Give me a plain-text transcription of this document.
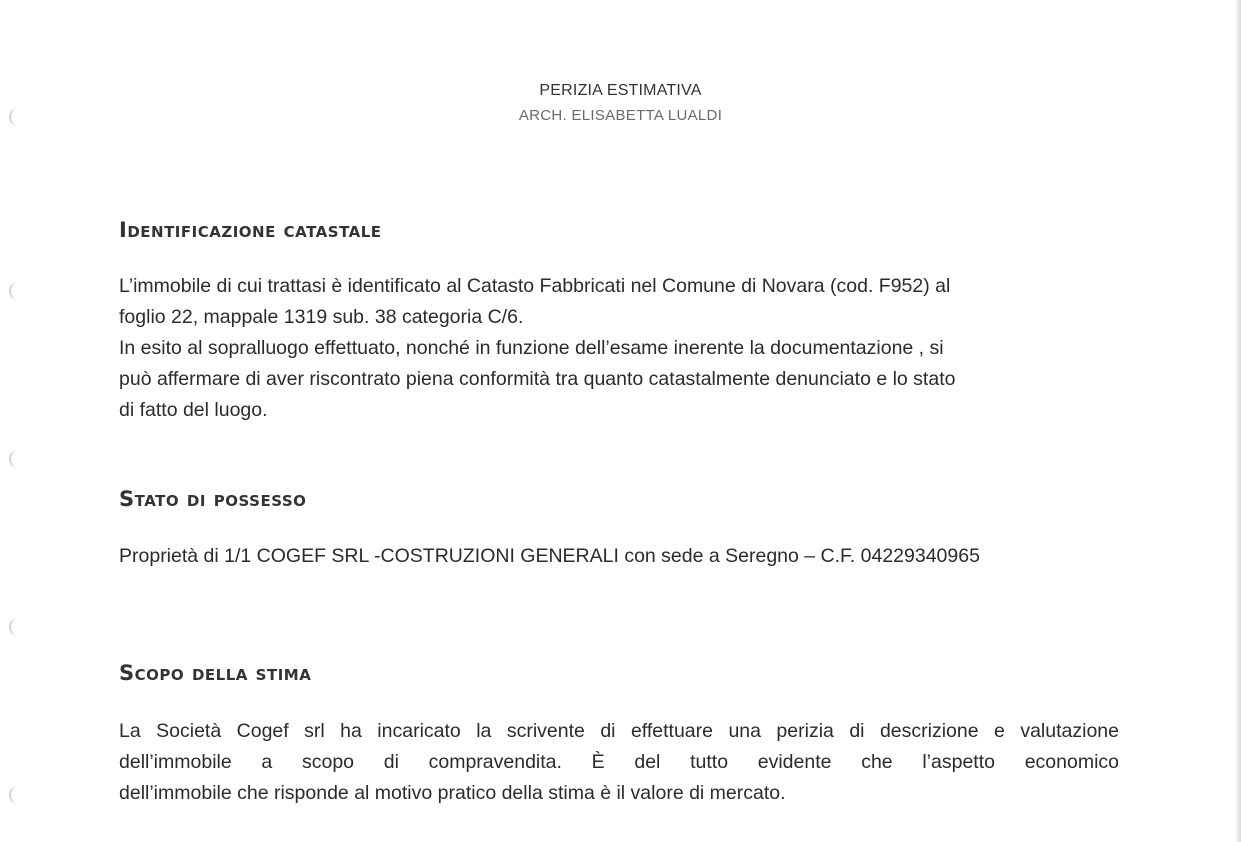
PERIZIA ESTIMATIVA
ARCH. ELISABETTA LUALDI
Identificazione catastale
L’immobile di cui trattasi è identificato al Catasto Fabbricati nel Comune di Novara (cod. F952) al
foglio 22, mappale 1319 sub. 38 categoria C/6.
In esito al sopralluogo effettuato, nonché in funzione dell’esame inerente la documentazione , si
può affermare di aver riscontrato piena conformità tra quanto catastalmente denunciato e lo stato
di fatto del luogo.
Stato di possesso
Proprietà di 1/1 COGEF SRL -COSTRUZIONI GENERALI con sede a Seregno – C.F. 04229340965
Scopo della stima
La Società Cogef srl ha incaricato la scrivente di effettuare una perizia di descrizione e valutazione
dell’immobile a scopo di compravendita. È del tutto evidente che l’aspetto economico
dell’immobile che risponde al motivo pratico della stima è il valore di mercato.
